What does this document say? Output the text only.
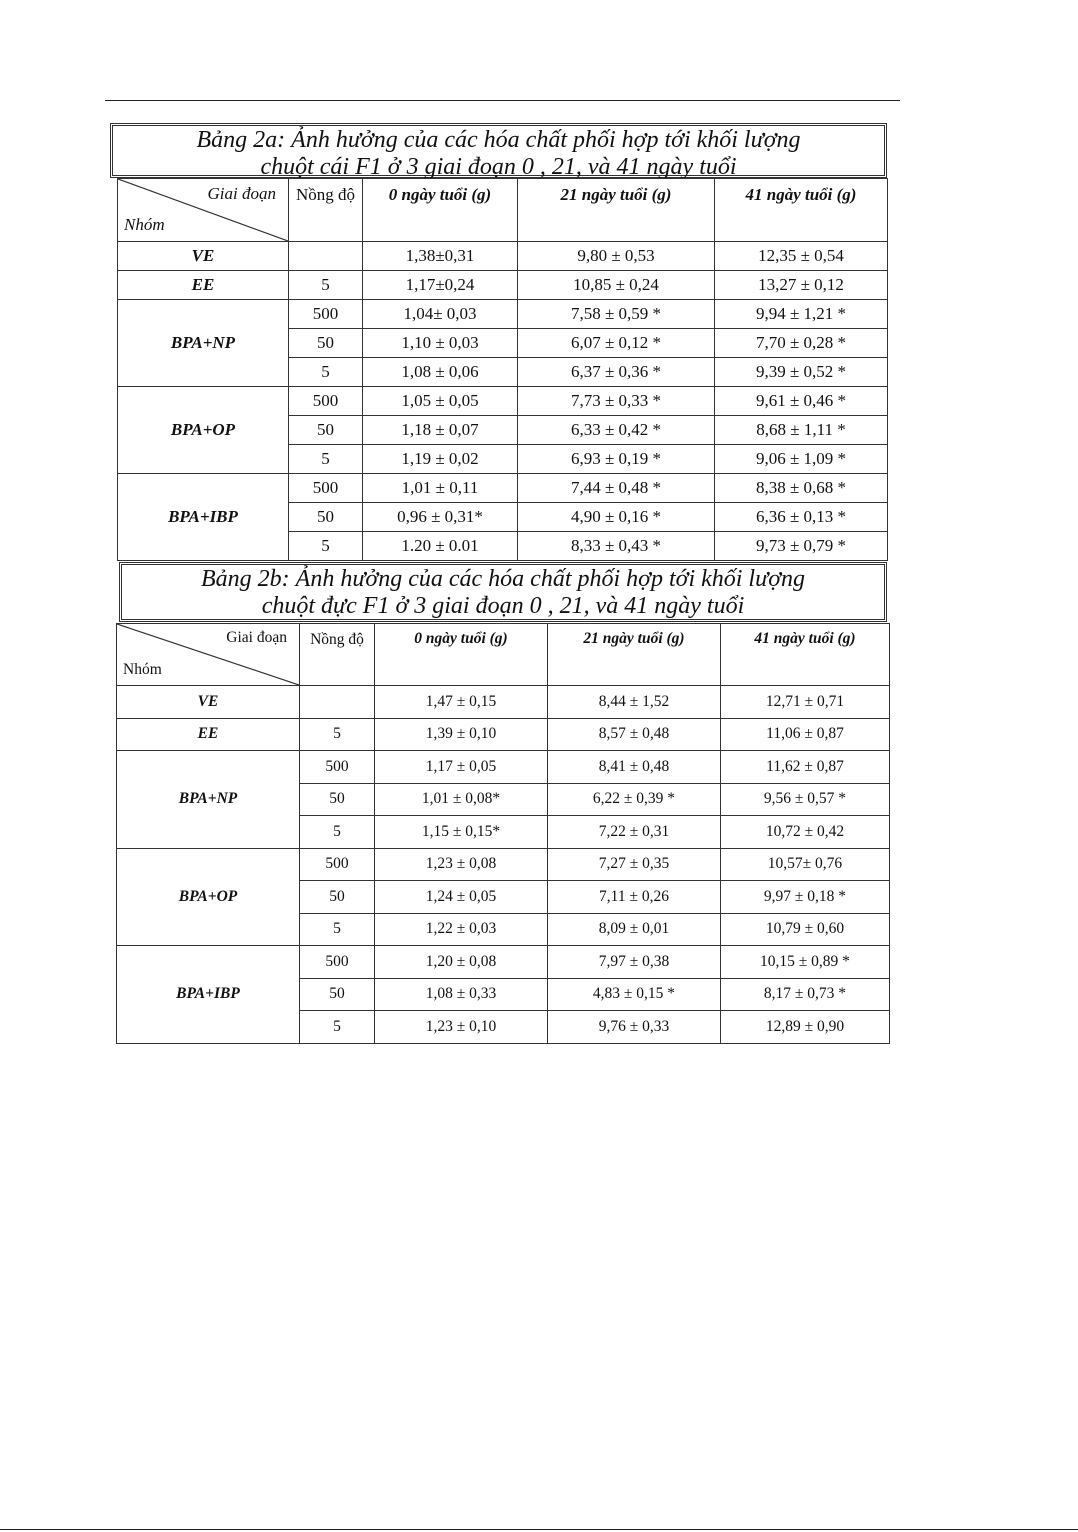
Bảng 2a: Ảnh hưởng của các hóa chất phối hợp tới khối lượng
chuột cái F1 ở 3 giai đoạn 0 , 21, và 41 ngày tuổi
Giai đoạn
Nhóm	Nồng độ	0 ngày tuổi (g)	21 ngày tuổi (g)	41 ngày tuổi (g)
VE		1,38±0,31	9,80 ± 0,53	12,35 ± 0,54
EE	5	1,17±0,24	10,85 ± 0,24	13,27 ± 0,12
BPA+NP	500	1,04± 0,03	7,58 ± 0,59 *	9,94 ± 1,21 *
	50	1,10 ± 0,03	6,07 ± 0,12 *	7,70 ± 0,28 *
	5	1,08 ± 0,06	6,37 ± 0,36 *	9,39 ± 0,52 *
BPA+OP	500	1,05 ± 0,05	7,73 ± 0,33 *	9,61 ± 0,46 *
	50	1,18 ± 0,07	6,33 ± 0,42 *	8,68 ± 1,11 *
	5	1,19 ± 0,02	6,93 ± 0,19 *	9,06 ± 1,09 *
BPA+IBP	500	1,01 ± 0,11	7,44 ± 0,48 *	8,38 ± 0,68 *
	50	0,96 ± 0,31*	4,90 ± 0,16 *	6,36 ± 0,13 *
	5	1.20 ± 0.01	8,33 ± 0,43 *	9,73 ± 0,79 *
Bảng 2b: Ảnh hưởng của các hóa chất phối hợp tới khối lượng
chuột đực F1 ở 3 giai đoạn 0 , 21, và 41 ngày tuổi
Giai đoạn
Nhóm	Nồng độ	0 ngày tuổi (g)	21 ngày tuổi (g)	41 ngày tuổi (g)
VE		1,47 ± 0,15	8,44 ± 1,52	12,71 ± 0,71
EE	5	1,39 ± 0,10	8,57 ± 0,48	11,06 ± 0,87
BPA+NP	500	1,17 ± 0,05	8,41 ± 0,48	11,62 ± 0,87
	50	1,01 ± 0,08*	6,22 ± 0,39 *	9,56 ± 0,57 *
	5	1,15 ± 0,15*	7,22 ± 0,31	10,72 ± 0,42
BPA+OP	500	1,23 ± 0,08	7,27 ± 0,35	10,57± 0,76
	50	1,24 ± 0,05	7,11 ± 0,26	9,97 ± 0,18 *
	5	1,22 ± 0,03	8,09 ± 0,01	10,79 ± 0,60
BPA+IBP	500	1,20 ± 0,08	7,97 ± 0,38	10,15 ± 0,89 *
	50	1,08 ± 0,33	4,83 ± 0,15 *	8,17 ± 0,73 *
	5	1,23 ± 0,10	9,76 ± 0,33	12,89 ± 0,90
